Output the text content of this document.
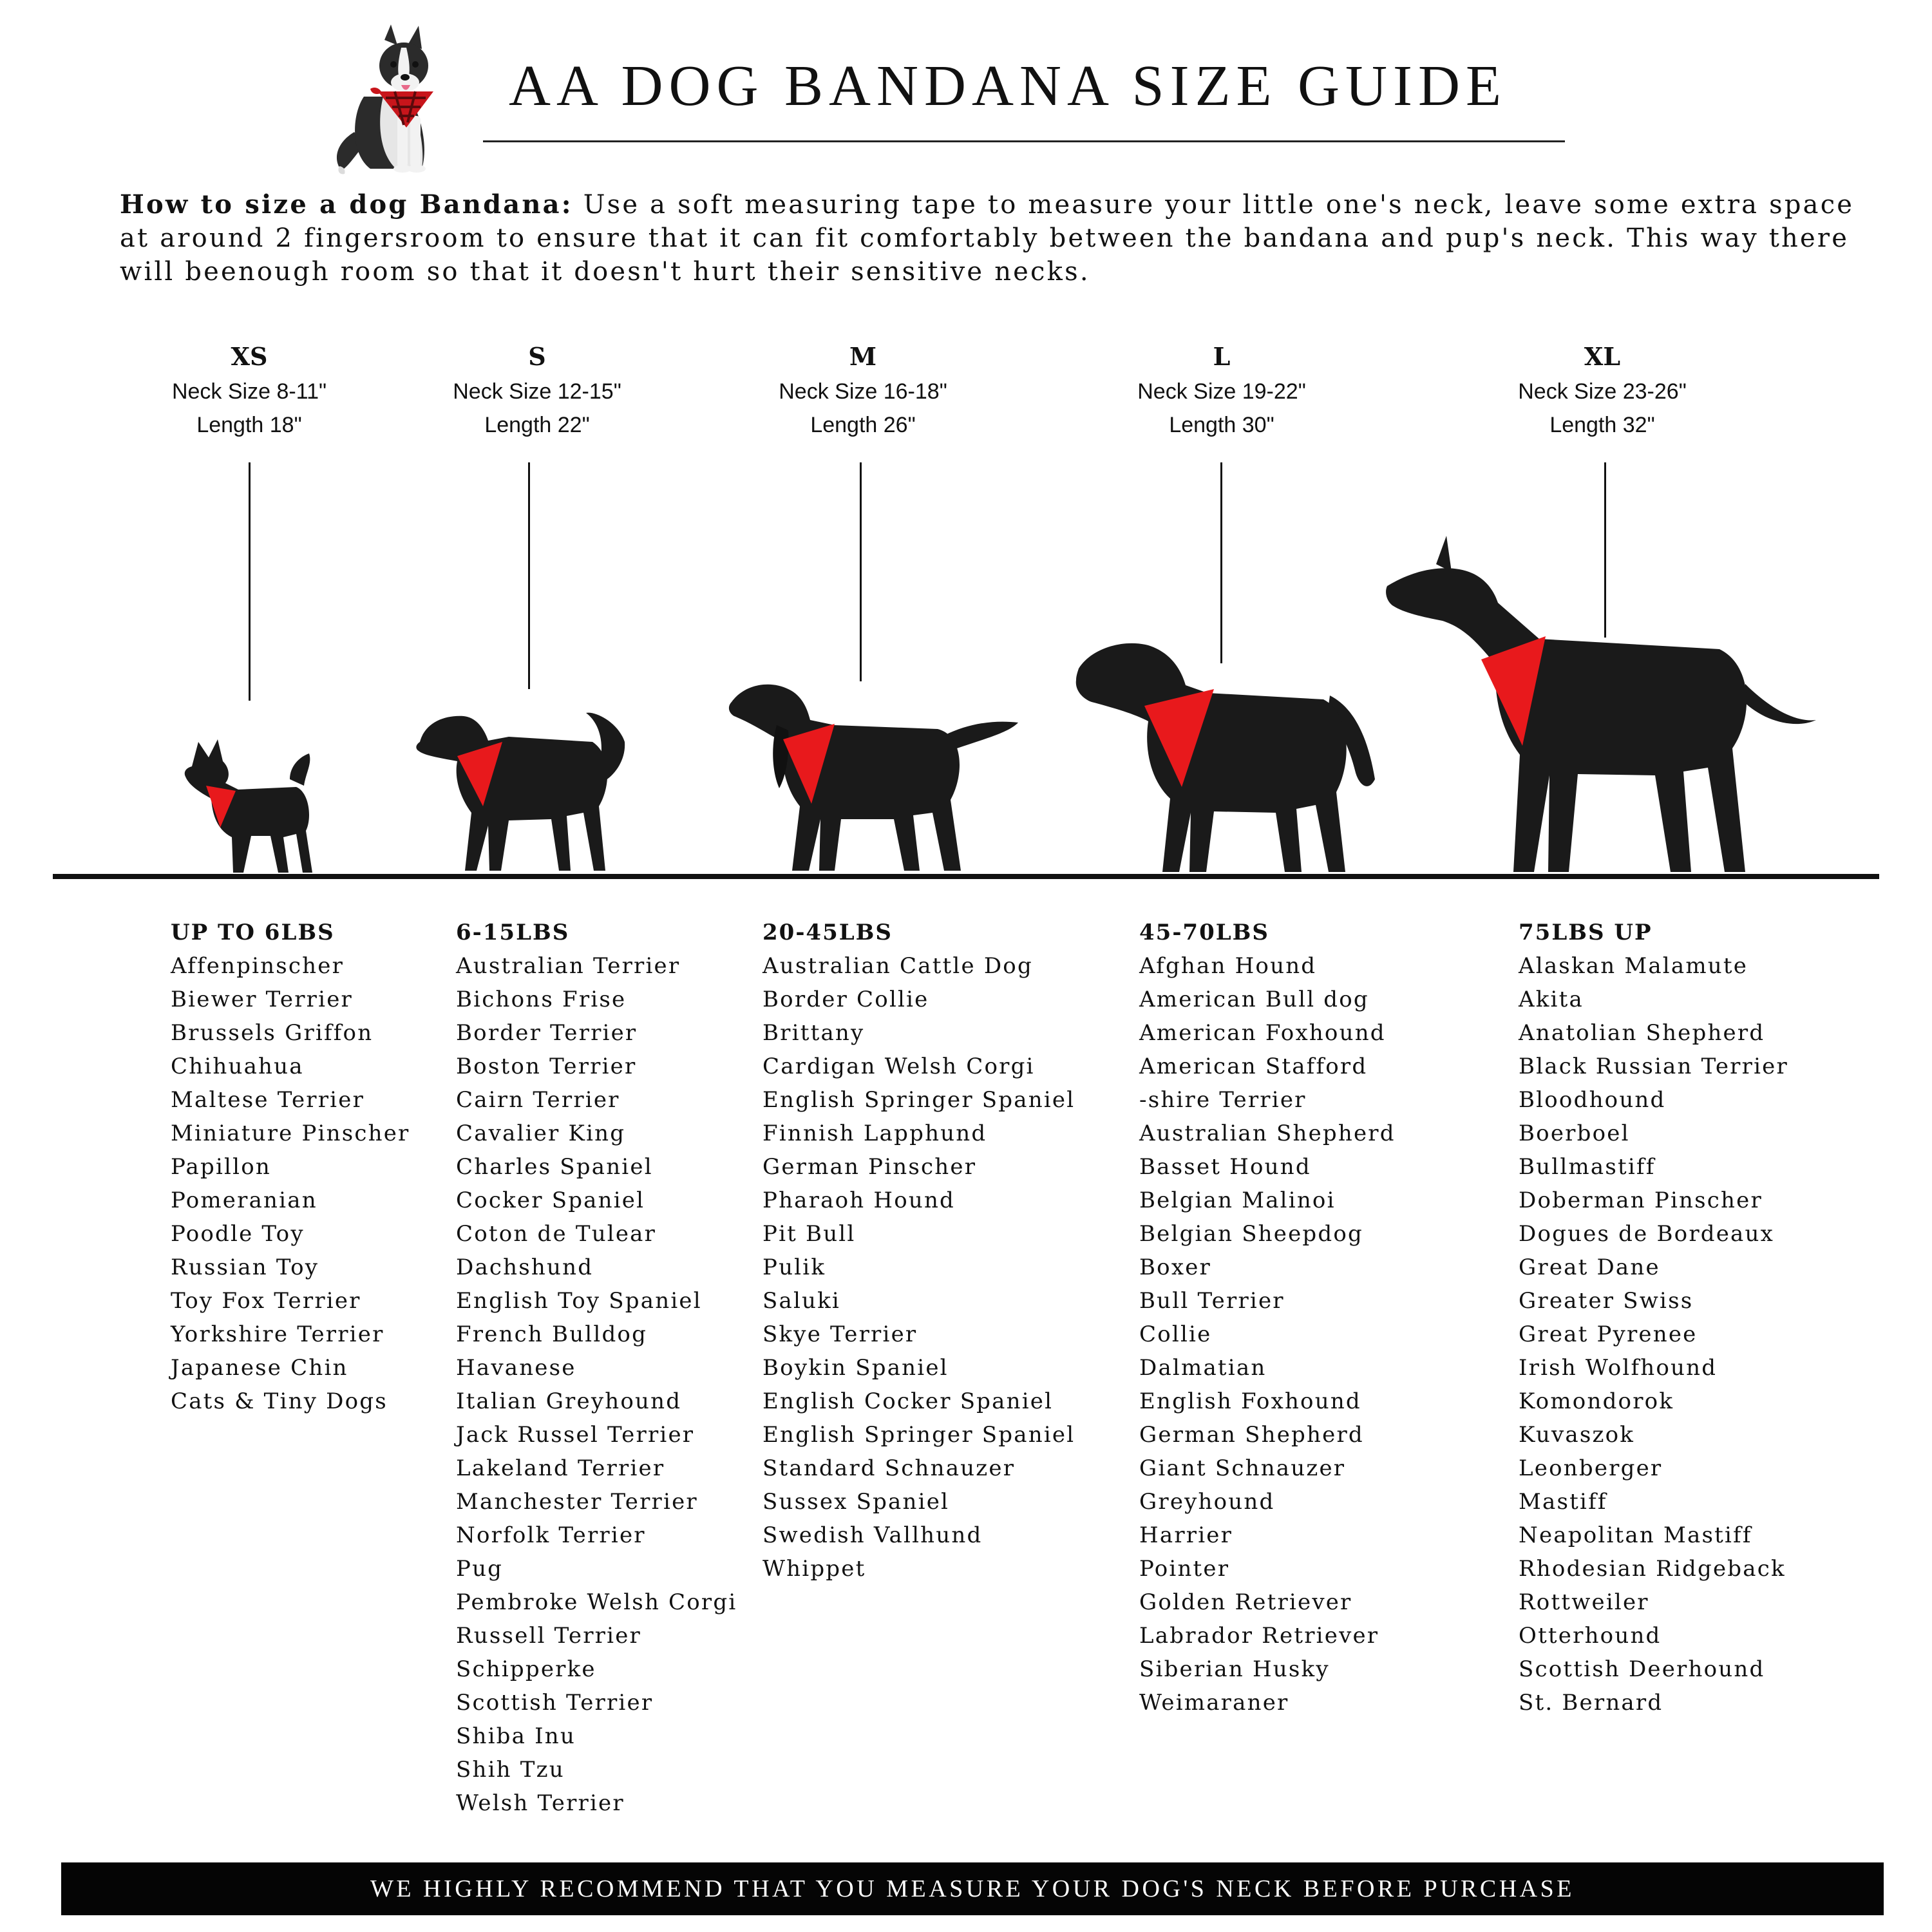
AA DOG BANDANA SIZE GUIDE
How to size a dog Bandana: Use a soft measuring tape to measure your little one's neck, leave some extra space at around 2 fingersroom to ensure that it can fit comfortably between the bandana and pup's neck. This way there will beenough room so that it doesn't hurt their sensitive necks.
XS
Neck Size 8-11"
Length 18"
S
Neck Size 12-15"
Length 22"
M
Neck Size 16-18"
Length 26"
L
Neck Size 19-22"
Length 30"
XL
Neck Size 23-26"
Length 32"
UP TO 6LBS
Affenpinscher
Biewer Terrier
Brussels Griffon
Chihuahua
Maltese Terrier
Miniature Pinscher
Papillon
Pomeranian
Poodle Toy
Russian Toy
Toy Fox Terrier
Yorkshire Terrier
Japanese Chin
Cats & Tiny Dogs
6-15LBS
Australian Terrier
Bichons Frise
Border Terrier
Boston Terrier
Cairn Terrier
Cavalier King
Charles Spaniel
Cocker Spaniel
Coton de Tulear
Dachshund
English Toy Spaniel
French Bulldog
Havanese
Italian Greyhound
Jack Russel Terrier
Lakeland Terrier
Manchester Terrier
Norfolk Terrier
Pug
Pembroke Welsh Corgi
Russell Terrier
Schipperke
Scottish Terrier
Shiba Inu
Shih Tzu
Welsh Terrier
20-45LBS
Australian Cattle Dog
Border Collie
Brittany
Cardigan Welsh Corgi
English Springer Spaniel
Finnish Lapphund
German Pinscher
Pharaoh Hound
Pit Bull
Pulik
Saluki
Skye Terrier
Boykin Spaniel
English Cocker Spaniel
English Springer Spaniel
Standard Schnauzer
Sussex Spaniel
Swedish Vallhund
Whippet
45-70LBS
Afghan Hound
American Bull dog
American Foxhound
American Stafford
-shire Terrier
Australian Shepherd
Basset Hound
Belgian Malinoi
Belgian Sheepdog
Boxer
Bull Terrier
Collie
Dalmatian
English Foxhound
German Shepherd
Giant Schnauzer
Greyhound
Harrier
Pointer
Golden Retriever
Labrador Retriever
Siberian Husky
Weimaraner
75LBS UP
Alaskan Malamute
Akita
Anatolian Shepherd
Black Russian Terrier
Bloodhound
Boerboel
Bullmastiff
Doberman Pinscher
Dogues de Bordeaux
Great Dane
Greater Swiss
Great Pyrenee
Irish Wolfhound
Komondorok
Kuvaszok
Leonberger
Mastiff
Neapolitan Mastiff
Rhodesian Ridgeback
Rottweiler
Otterhound
Scottish Deerhound
St. Bernard
WE HIGHLY RECOMMEND THAT YOU MEASURE YOUR DOG'S NECK BEFORE PURCHASE
